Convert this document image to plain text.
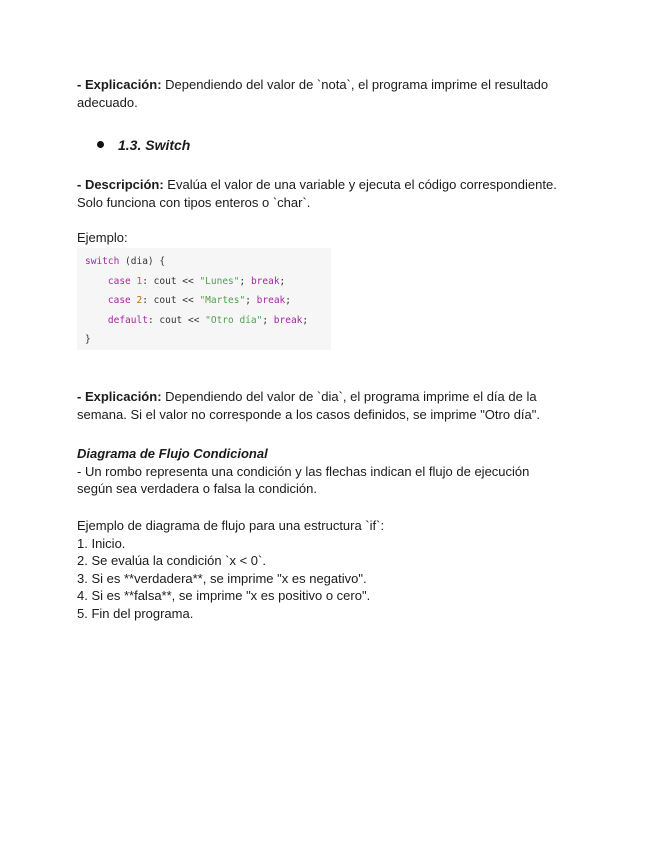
- Explicación: Dependiendo del valor de `nota`, el programa imprime el resultado adecuado.

1.3. Switch

- Descripción: Evalúa el valor de una variable y ejecuta el código correspondiente. Solo funciona con tipos enteros o `char`.

Ejemplo:

switch (dia) {
case 1: cout << "Lunes"; break;
case 2: cout << "Martes"; break;
default: cout << "Otro día"; break;
}

- Explicación: Dependiendo del valor de `dia`, el programa imprime el día de la semana. Si el valor no corresponde a los casos definidos, se imprime "Otro día".

Diagrama de Flujo Condicional
- Un rombo representa una condición y las flechas indican el flujo de ejecución según sea verdadera o falsa la condición.

Ejemplo de diagrama de flujo para una estructura `if`:
1. Inicio.
2. Se evalúa la condición `x < 0`.
3. Si es **verdadera**, se imprime "x es negativo".
4. Si es **falsa**, se imprime "x es positivo o cero".
5. Fin del programa.
